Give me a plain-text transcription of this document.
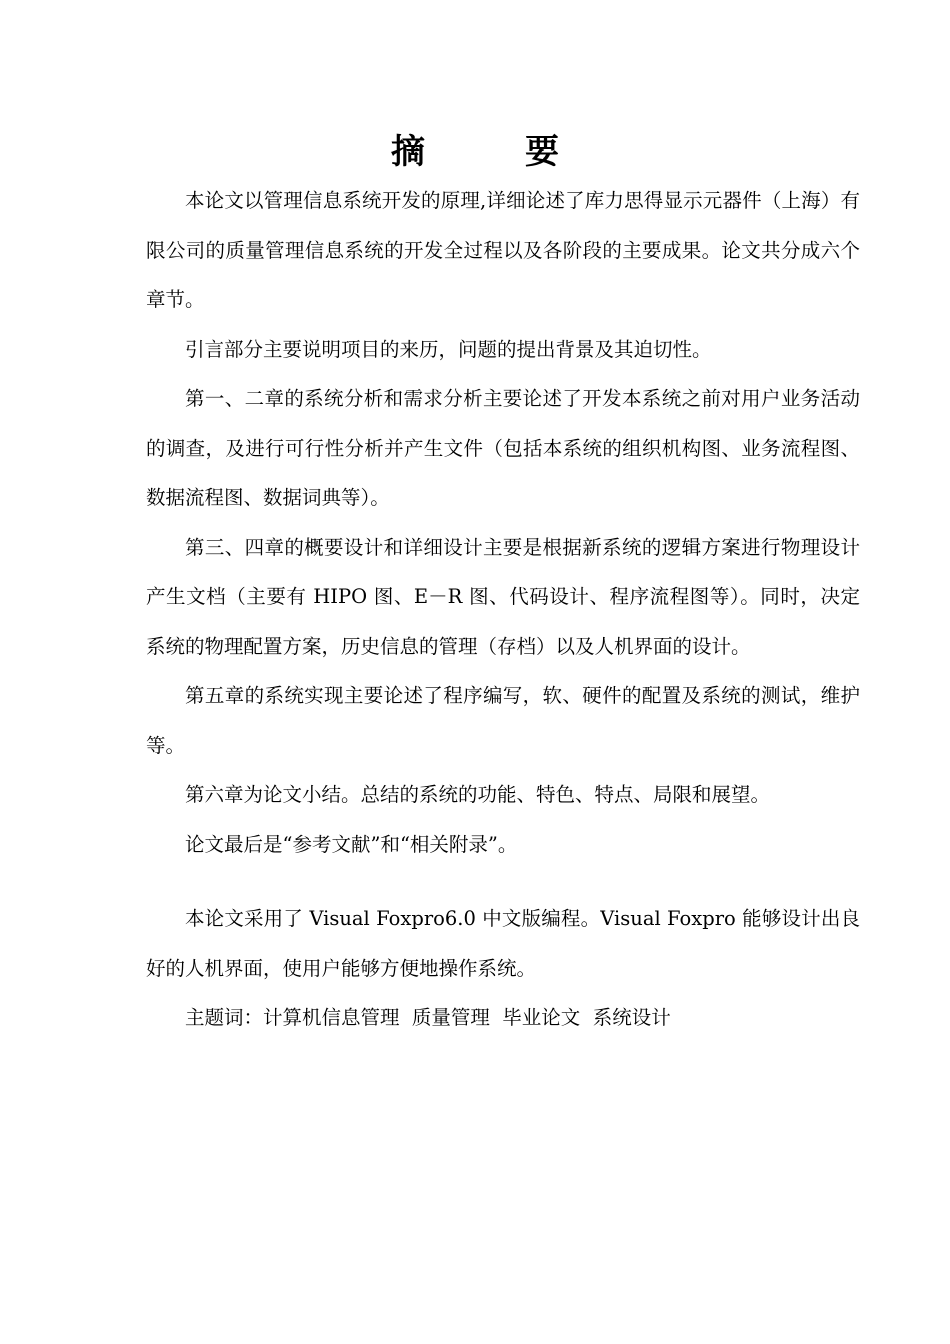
摘	要

本论文以管理信息系统开发的原理,详细论述了库力思得显示元器件（上海）有限公司的质量管理信息系统的开发全过程以及各阶段的主要成果。论文共分成六个章节。

引言部分主要说明项目的来历，问题的提出背景及其迫切性。

第一、二章的系统分析和需求分析主要论述了开发本系统之前对用户业务活动的调查，及进行可行性分析并产生文件（包括本系统的组织机构图、业务流程图、数据流程图、数据词典等）。

第三、四章的概要设计和详细设计主要是根据新系统的逻辑方案进行物理设计产生文档（主要有 HIPO 图、E－R 图、代码设计、程序流程图等）。同时，决定系统的物理配置方案，历史信息的管理（存档）以及人机界面的设计。

第五章的系统实现主要论述了程序编写，软、硬件的配置及系统的测试，维护等。

第六章为论文小结。总结的系统的功能、特色、特点、局限和展望。

论文最后是“参考文献”和“相关附录”。

本论文采用了 Visual Foxpro6.0 中文版编程。Visual Foxpro 能够设计出良好的人机界面，使用户能够方便地操作系统。

主题词：计算机信息管理  质量管理  毕业论文  系统设计
